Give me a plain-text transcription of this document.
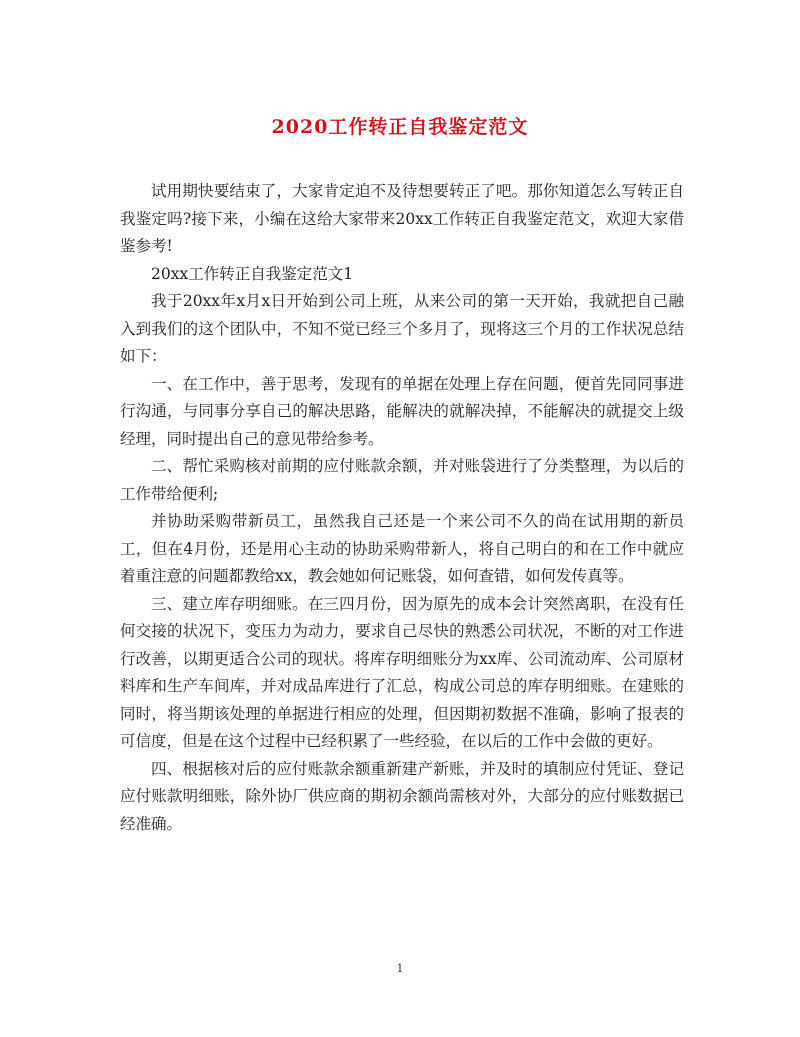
2020工作转正自我鉴定范文

试用期快要结束了，大家肯定迫不及待想要转正了吧。那你知道怎么写转正自我鉴定吗?接下来，小编在这给大家带来20xx工作转正自我鉴定范文，欢迎大家借鉴参考!

20xx工作转正自我鉴定范文1

我于20xx年x月x日开始到公司上班，从来公司的第一天开始，我就把自己融入到我们的这个团队中，不知不觉已经三个多月了，现将这三个月的工作状况总结如下：

一、在工作中，善于思考，发现有的单据在处理上存在问题，便首先同同事进行沟通，与同事分享自己的解决思路，能解决的就解决掉，不能解决的就提交上级经理，同时提出自己的意见带给参考。

二、帮忙采购核对前期的应付账款余额，并对账袋进行了分类整理，为以后的工作带给便利;

并协助采购带新员工，虽然我自己还是一个来公司不久的尚在试用期的新员工，但在4月份，还是用心主动的协助采购带新人，将自己明白的和在工作中就应着重注意的问题都教给xx，教会她如何记账袋，如何查错，如何发传真等。

三、建立库存明细账。在三四月份，因为原先的成本会计突然离职，在没有任何交接的状况下，变压力为动力，要求自己尽快的熟悉公司状况，不断的对工作进行改善，以期更适合公司的现状。将库存明细账分为xx库、公司流动库、公司原材料库和生产车间库，并对成品库进行了汇总，构成公司总的库存明细账。在建账的同时，将当期该处理的单据进行相应的处理，但因期初数据不准确，影响了报表的可信度，但是在这个过程中已经积累了一些经验，在以后的工作中会做的更好。

四、根据核对后的应付账款余额重新建产新账，并及时的填制应付凭证、登记应付账款明细账，除外协厂供应商的期初余额尚需核对外，大部分的应付账数据已经准确。

1
